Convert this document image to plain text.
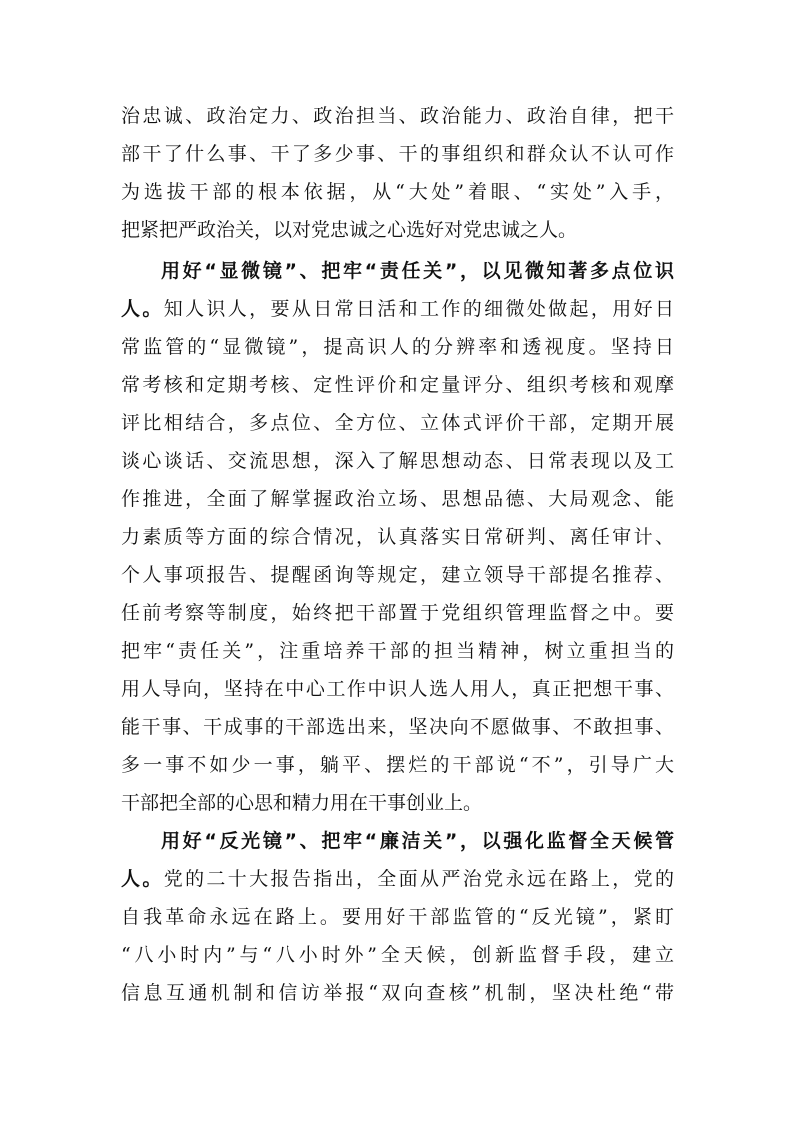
治忠诚、政治定力、政治担当、政治能力、政治自律，把干
部干了什么事、干了多少事、干的事组织和群众认不认可作
为选拔干部的根本依据，从“大处”着眼、“实处”入手，
把紧把严政治关，以对党忠诚之心选好对党忠诚之人。
用好“显微镜”、把牢“责任关”，以见微知著多点位识
人。知人识人，要从日常日活和工作的细微处做起，用好日
常监管的“显微镜”，提高识人的分辨率和透视度。坚持日
常考核和定期考核、定性评价和定量评分、组织考核和观摩
评比相结合，多点位、全方位、立体式评价干部，定期开展
谈心谈话、交流思想，深入了解思想动态、日常表现以及工
作推进，全面了解掌握政治立场、思想品德、大局观念、能
力素质等方面的综合情况，认真落实日常研判、离任审计、
个人事项报告、提醒函询等规定，建立领导干部提名推荐、
任前考察等制度，始终把干部置于党组织管理监督之中。要
把牢“责任关”，注重培养干部的担当精神，树立重担当的
用人导向，坚持在中心工作中识人选人用人，真正把想干事、
能干事、干成事的干部选出来，坚决向不愿做事、不敢担事、
多一事不如少一事，躺平、摆烂的干部说“不”，引导广大
干部把全部的心思和精力用在干事创业上。
用好“反光镜”、把牢“廉洁关”，以强化监督全天候管
人。党的二十大报告指出，全面从严治党永远在路上，党的
自我革命永远在路上。要用好干部监管的“反光镜”，紧盯
“八小时内”与“八小时外”全天候，创新监督手段，建立
信息互通机制和信访举报“双向查核”机制，坚决杜绝“带
